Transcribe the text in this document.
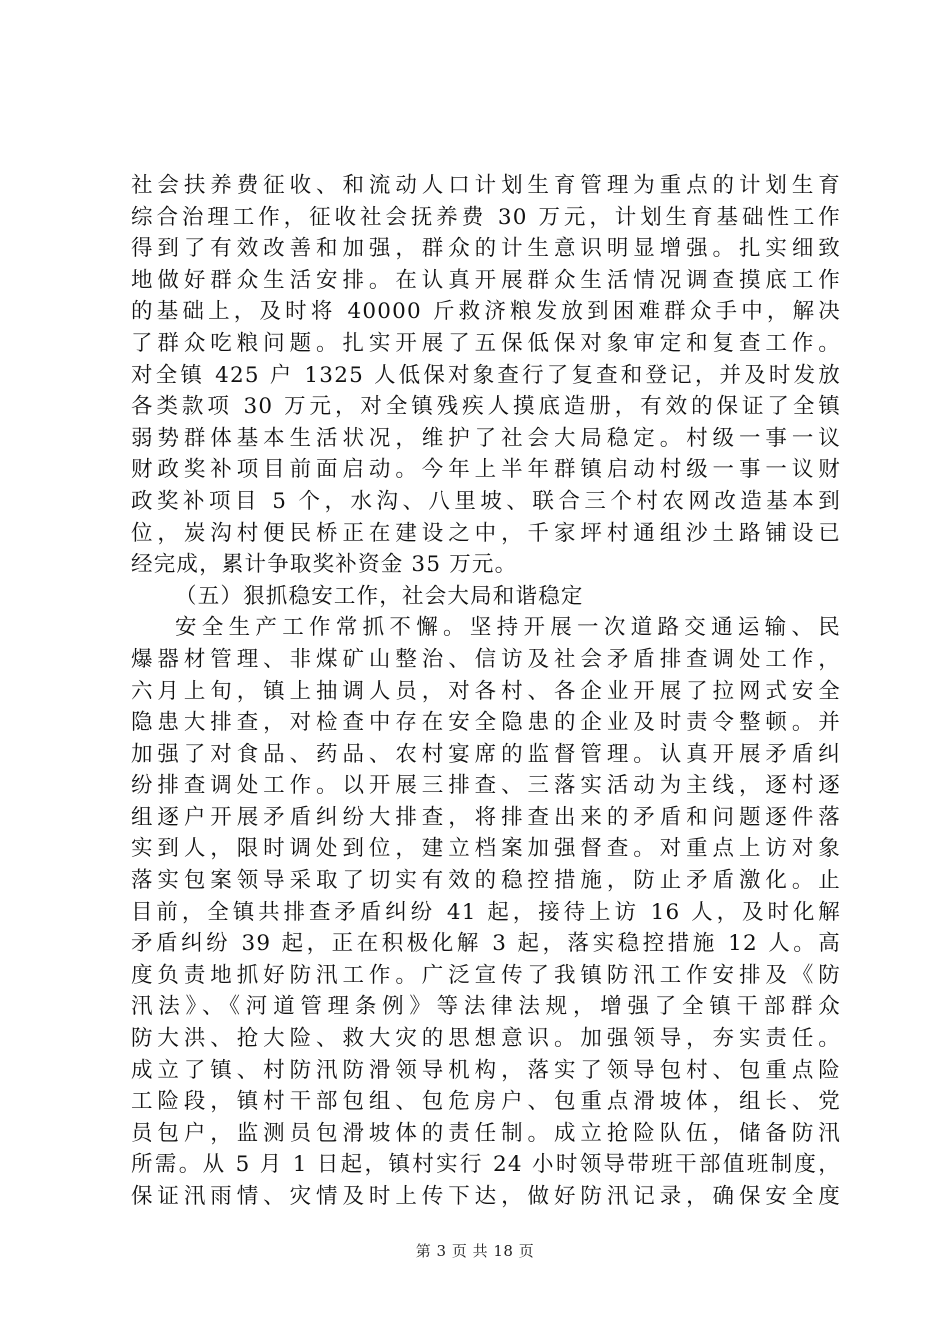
社会扶养费征收、和流动人口计划生育管理为重点的计划生育
综合治理工作，征收社会抚养费 30 万元，计划生育基础性工作
得到了有效改善和加强，群众的计生意识明显增强。扎实细致
地做好群众生活安排。在认真开展群众生活情况调查摸底工作
的基础上，及时将 40000 斤救济粮发放到困难群众手中，解决
了群众吃粮问题。扎实开展了五保低保对象审定和复查工作。
对全镇 425 户 1325 人低保对象查行了复查和登记，并及时发放
各类款项 30 万元，对全镇残疾人摸底造册，有效的保证了全镇
弱势群体基本生活状况，维护了社会大局稳定。村级一事一议
财政奖补项目前面启动。今年上半年群镇启动村级一事一议财
政奖补项目 5 个，水沟、八里坡、联合三个村农网改造基本到
位，炭沟村便民桥正在建设之中，千家坪村通组沙土路铺设已
经完成，累计争取奖补资金 35 万元。
（五）狠抓稳安工作，社会大局和谐稳定
安全生产工作常抓不懈。坚持开展一次道路交通运输、民
爆器材管理、非煤矿山整治、信访及社会矛盾排查调处工作，
六月上旬，镇上抽调人员，对各村、各企业开展了拉网式安全
隐患大排查，对检查中存在安全隐患的企业及时责令整顿。并
加强了对食品、药品、农村宴席的监督管理。认真开展矛盾纠
纷排查调处工作。以开展三排查、三落实活动为主线，逐村逐
组逐户开展矛盾纠纷大排查，将排查出来的矛盾和问题逐件落
实到人，限时调处到位，建立档案加强督查。对重点上访对象
落实包案领导采取了切实有效的稳控措施，防止矛盾激化。止
目前，全镇共排查矛盾纠纷 41 起，接待上访 16 人，及时化解
矛盾纠纷 39 起，正在积极化解 3 起，落实稳控措施 12 人。高
度负责地抓好防汛工作。广泛宣传了我镇防汛工作安排及《防
汛法》、《河道管理条例》等法律法规，增强了全镇干部群众
防大洪、抢大险、救大灾的思想意识。加强领导，夯实责任。
成立了镇、村防汛防滑领导机构，落实了领导包村、包重点险
工险段，镇村干部包组、包危房户、包重点滑坡体，组长、党
员包户，监测员包滑坡体的责任制。成立抢险队伍，储备防汛
所需。从 5 月 1 日起，镇村实行 24 小时领导带班干部值班制度，
保证汛雨情、灾情及时上传下达，做好防汛记录，确保安全度
第 3 页 共 18 页
